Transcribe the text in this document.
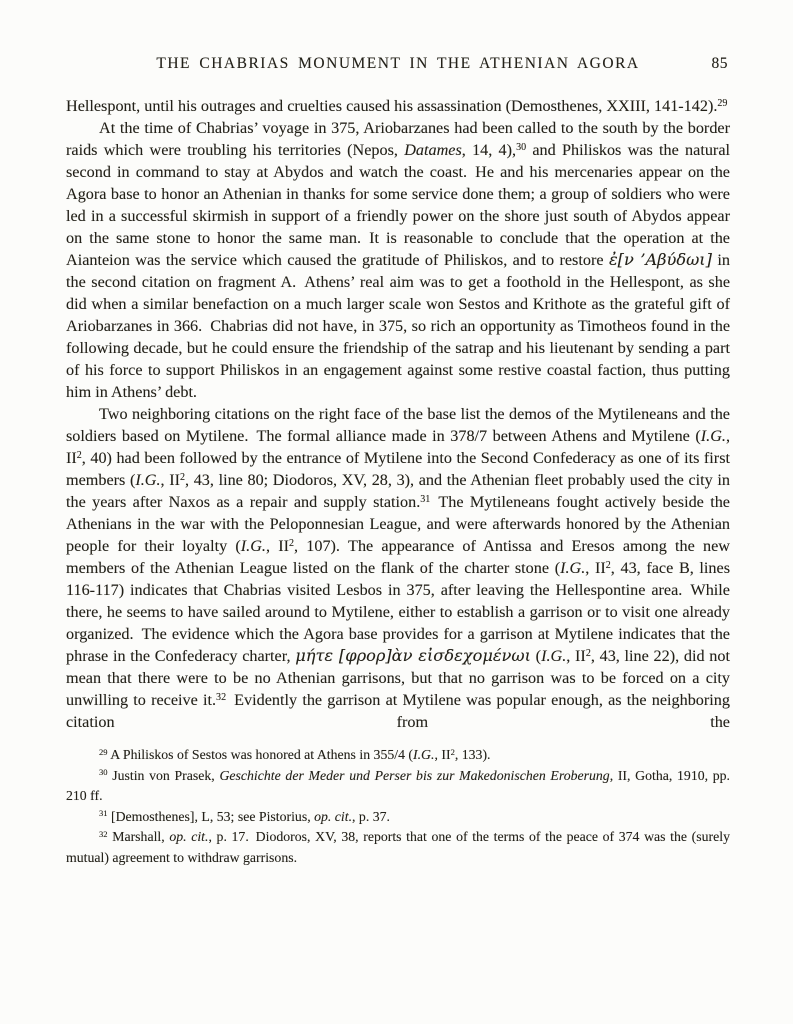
THE CHABRIAS MONUMENT IN THE ATHENIAN AGORA	85

Hellespont, until his outrages and cruelties caused his assassination (Demosthenes, XXIII, 141-142).$^{29}$

At the time of Chabrias’ voyage in 375, Ariobarzanes had been called to the south by the border raids which were troubling his territories (Nepos, Datames, 14, 4),$^{30}$ and Philiskos was the natural second in command to stay at Abydos and watch the coast. He and his mercenaries appear on the Agora base to honor an Athenian in thanks for some service done them; a group of soldiers who were led in a successful skirmish in support of a friendly power on the shore just south of Abydos appear on the same stone to honor the same man. It is reasonable to conclude that the operation at the Aianteion was the service which caused the gratitude of Philiskos, and to restore ἐ[ν ’Αβύδωι] in the second citation on fragment A. Athens’ real aim was to get a foothold in the Hellespont, as she did when a similar benefaction on a much larger scale won Sestos and Krithote as the grateful gift of Ariobarzanes in 366. Chabrias did not have, in 375, so rich an opportunity as Timotheos found in the following decade, but he could ensure the friendship of the satrap and his lieutenant by sending a part of his force to support Philiskos in an engagement against some restive coastal faction, thus putting him in Athens’ debt.

Two neighboring citations on the right face of the base list the demos of the Mytileneans and the soldiers based on Mytilene. The formal alliance made in 378/7 between Athens and Mytilene (I.G., $II^2$, 40) had been followed by the entrance of Mytilene into the Second Confederacy as one of its first members (I.G., $II^2$, 43, line 80; Diodoros, XV, 28, 3), and the Athenian fleet probably used the city in the years after Naxos as a repair and supply station.$^{31}$ The Mytileneans fought actively beside the Athenians in the war with the Peloponnesian League, and were afterwards honored by the Athenian people for their loyalty (I.G., $II^2$, 107). The appearance of Antissa and Eresos among the new members of the Athenian League listed on the flank of the charter stone (I.G., $II^2$, 43, face B, lines 116-117) indicates that Chabrias visited Lesbos in 375, after leaving the Hellespontine area. While there, he seems to have sailed around to Mytilene, either to establish a garrison or to visit one already organized. The evidence which the Agora base provides for a garrison at Mytilene indicates that the phrase in the Confederacy charter, μήτε [φρορ]ὰν εἰσδεχομένωι (I.G., $II^2$, 43, line 22), did not mean that there were to be no Athenian garrisons, but that no garrison was to be forced on a city unwilling to receive it.$^{32}$ Evidently the garrison at Mytilene was popular enough, as the neighboring citation from the

$^{29}$ A Philiskos of Sestos was honored at Athens in 355/4 (I.G., $II^2$, 133).

$^{30}$ Justin von Prasek, Geschichte der Meder und Perser bis zur Makedonischen Eroberung, II, Gotha, 1910, pp. 210 ff.

$^{31}$ [Demosthenes], L, 53; see Pistorius, op. cit., p. 37.

$^{32}$ Marshall, op. cit., p. 17. Diodoros, XV, 38, reports that one of the terms of the peace of 374 was the (surely mutual) agreement to withdraw garrisons.
